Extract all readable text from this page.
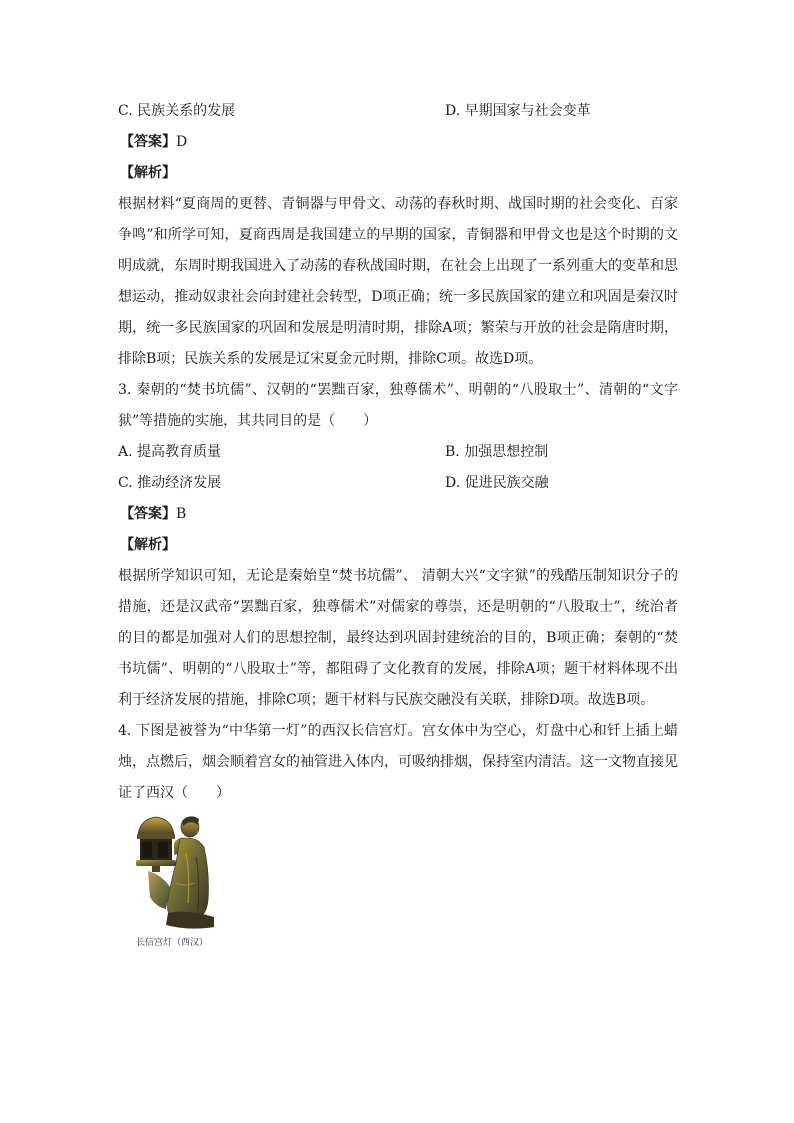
C. 民族关系的发展	D. 早期国家与社会变革
【答案】D
【解析】
根据材料“夏商周的更替、青铜器与甲骨文、动荡的春秋时期、战国时期的社会变化、百家争鸣”和所学可知，夏商西周是我国建立的早期的国家，青铜器和甲骨文也是这个时期的文明成就，东周时期我国进入了动荡的春秋战国时期，在社会上出现了一系列重大的变革和思想运动，推动奴隶社会向封建社会转型，D项正确；统一多民族国家的建立和巩固是秦汉时期，统一多民族国家的巩固和发展是明清时期，排除A项；繁荣与开放的社会是隋唐时期，排除B项；民族关系的发展是辽宋夏金元时期，排除C项。故选D项。
3. 秦朝的“焚书坑儒”、汉朝的“罢黜百家，独尊儒术”、明朝的“八股取士”、清朝的“文字狱”等措施的实施，其共同目的是（　　）
A. 提高教育质量	B. 加强思想控制
C. 推动经济发展	D. 促进民族交融
【答案】B
【解析】
根据所学知识可知，无论是秦始皇“焚书坑儒”、 清朝大兴“文字狱”的残酷压制知识分子的措施，还是汉武帝“罢黜百家，独尊儒术”对儒家的尊崇，还是明朝的“八股取士”，统治者的目的都是加强对人们的思想控制，最终达到巩固封建统治的目的，B项正确；秦朝的“焚书坑儒”、明朝的“八股取士”等，都阻碍了文化教育的发展，排除A项；题干材料体现不出利于经济发展的措施，排除C项；题干材料与民族交融没有关联，排除D项。故选B项。
4. 下图是被誉为“中华第一灯”的西汉长信宫灯。宫女体中为空心，灯盘中心和钎上插上蜡烛，点燃后，烟会顺着宫女的袖管进入体内，可吸纳排烟，保持室内清洁。这一文物直接见证了西汉（　　）
长信宫灯（西汉）
